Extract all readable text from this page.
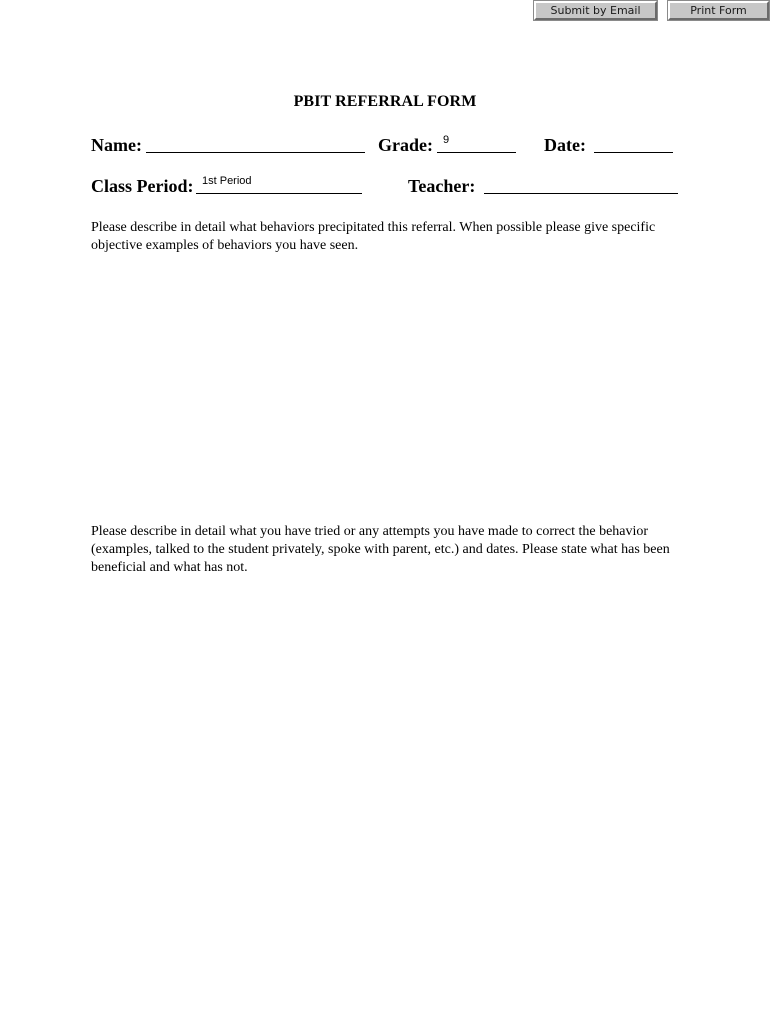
Submit by Email	Print Form
PBIT REFERRAL FORM
Name:	Grade: 9	Date:
Class Period: 1st Period	Teacher:
Please describe in detail what behaviors precipitated this referral. When possible please give specific objective examples of behaviors you have seen.
Please describe in detail what you have tried or any attempts you have made to correct the behavior (examples, talked to the student privately, spoke with parent, etc.) and dates. Please state what has been beneficial and what has not.
